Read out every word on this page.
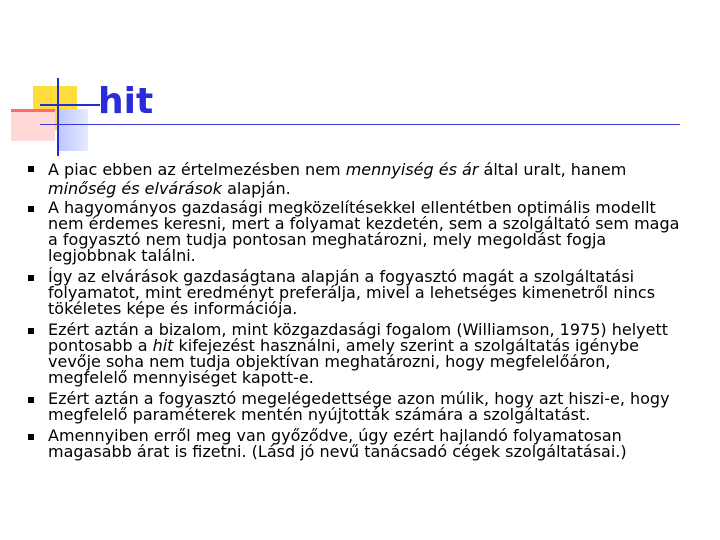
hit
A piac ebben az értelmezésben nem mennyiség és ár által uralt, hanem minőség és elvárások alapján.
A hagyományos gazdasági megközelítésekkel ellentétben optimális modellt nem érdemes keresni, mert a folyamat kezdetén, sem a szolgáltató sem maga a fogyasztó nem tudja pontosan meghatározni, mely megoldást fogja legjobbnak találni.
Így az elvárások gazdaságtana alapján a fogyasztó magát a szolgáltatási folyamatot, mint eredményt preferálja, mivel a lehetséges kimenetről nincs tökéletes képe és információja.
Ezért aztán a bizalom, mint közgazdasági fogalom (Williamson, 1975) helyett pontosabb a hit kifejezést használni, amely szerint a szolgáltatás igénybe vevője soha nem tudja objektívan meghatározni, hogy megfelelőáron, megfelelő mennyiséget kapott-e.
Ezért aztán a fogyasztó megelégedettsége azon múlik, hogy azt hiszi-e, hogy megfelelő paraméterek mentén nyújtották számára a szolgáltatást.
Amennyiben erről meg van győződve, úgy ezért hajlandó folyamatosan magasabb árat is fizetni. (Lásd jó nevű tanácsadó cégek szolgáltatásai.)
